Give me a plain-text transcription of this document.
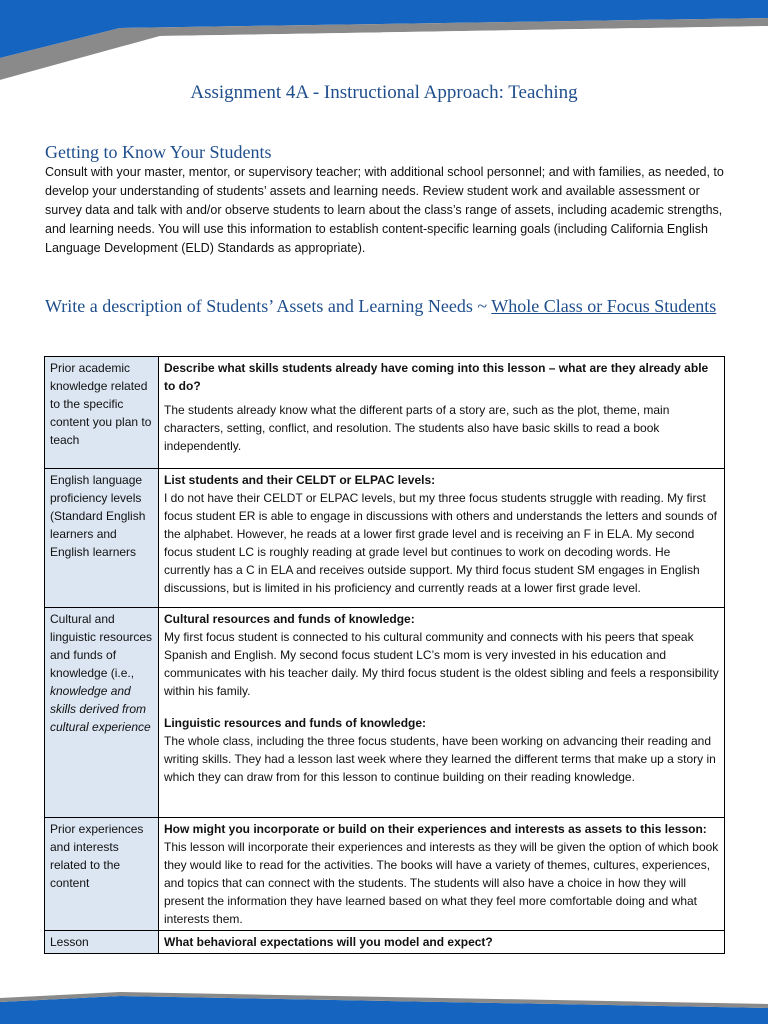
Assignment 4A - Instructional Approach: Teaching
Getting to Know Your Students
Consult with your master, mentor, or supervisory teacher; with additional school personnel; and with families, as needed, to develop your understanding of students’ assets and learning needs. Review student work and available assessment or survey data and talk with and/or observe students to learn about the class’s range of assets, including academic strengths, and learning needs. You will use this information to establish content-specific learning goals (including California English Language Development (ELD) Standards as appropriate).
Write a description of Students’ Assets and Learning Needs ~ Whole Class or Focus Students
Prior academic knowledge related to the specific content you plan to teach	Describe what skills students already have coming into this lesson – what are they already able to do?

The students already know what the different parts of a story are, such as the plot, theme, main characters, setting, conflict, and resolution. The students also have basic skills to read a book independently.

English language proficiency levels (Standard English learners and English learners	List students and their CELDT or ELPAC levels:

I do not have their CELDT or ELPAC levels, but my three focus students struggle with reading. My first focus student ER is able to engage in discussions with others and understands the letters and sounds of the alphabet. However, he reads at a lower first grade level and is receiving an F in ELA. My second focus student LC is roughly reading at grade level but continues to work on decoding words. He currently has a C in ELA and receives outside support. My third focus student SM engages in English discussions, but is limited in his proficiency and currently reads at a lower first grade level.

Cultural and linguistic resources and funds of knowledge (i.e., knowledge and skills derived from cultural experience	Cultural resources and funds of knowledge:

My first focus student is connected to his cultural community and connects with his peers that speak Spanish and English. My second focus student LC’s mom is very invested in his education and communicates with his teacher daily. My third focus student is the oldest sibling and feels a responsibility within his family.

Linguistic resources and funds of knowledge:

The whole class, including the three focus students, have been working on advancing their reading and writing skills. They had a lesson last week where they learned the different terms that make up a story in which they can draw from for this lesson to continue building on their reading knowledge.

Prior experiences and interests related to the content	How might you incorporate or build on their experiences and interests as assets to this lesson:

This lesson will incorporate their experiences and interests as they will be given the option of which book they would like to read for the activities. The books will have a variety of themes, cultures, experiences, and topics that can connect with the students. The students will also have a choice in how they will present the information they have learned based on what they feel more comfortable doing and what interests them.

Lesson	What behavioral expectations will you model and expect?
